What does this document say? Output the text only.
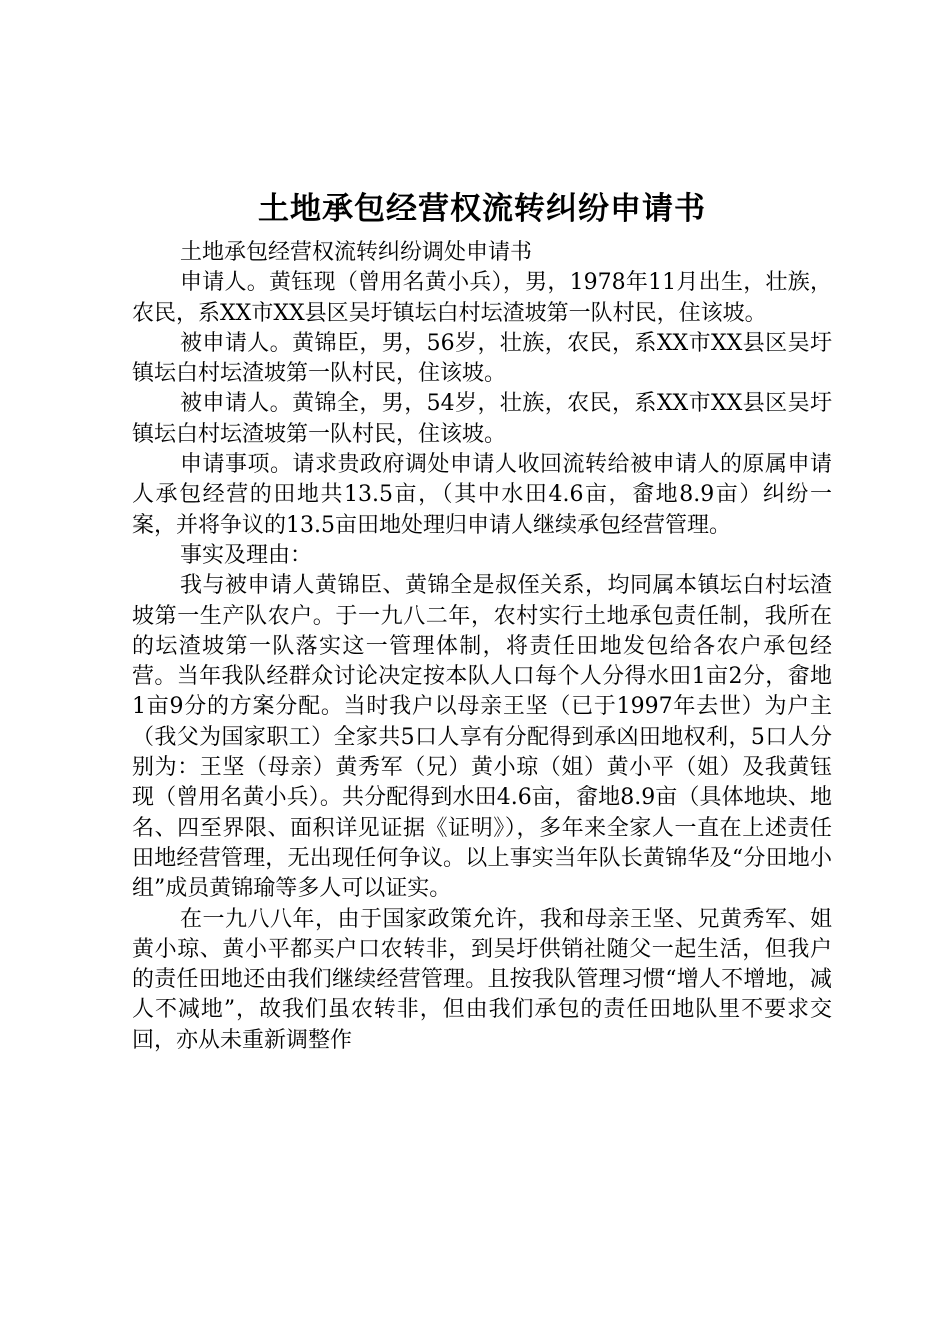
土地承包经营权流转纠纷申请书

土地承包经营权流转纠纷调处申请书

申请人。黄钰现（曾用名黄小兵），男，1978年11月出生，壮族，农民，系XX市XX县区吴圩镇坛白村坛渣坡第一队村民，住该坡。

被申请人。黄锦臣，男，56岁，壮族，农民，系XX市XX县区吴圩镇坛白村坛渣坡第一队村民，住该坡。

被申请人。黄锦全，男，54岁，壮族，农民，系XX市XX县区吴圩镇坛白村坛渣坡第一队村民，住该坡。

申请事项。请求贵政府调处申请人收回流转给被申请人的原属申请人承包经营的田地共13.5亩，（其中水田4.6亩，畲地8.9亩）纠纷一案，并将争议的13.5亩田地处理归申请人继续承包经营管理。

事实及理由：

我与被申请人黄锦臣、黄锦全是叔侄关系，均同属本镇坛白村坛渣坡第一生产队农户。于一九八二年，农村实行土地承包责任制，我所在的坛渣坡第一队落实这一管理体制，将责任田地发包给各农户承包经营。当年我队经群众讨论决定按本队人口每个人分得水田1亩2分，畲地1亩9分的方案分配。当时我户以母亲王坚（已于1997年去世）为户主（我父为国家职工）全家共5口人享有分配得到承凶田地权利，5口人分别为：王坚（母亲）黄秀军（兄）黄小琼（姐）黄小平（姐）及我黄钰现（曾用名黄小兵）。共分配得到水田4.6亩，畲地8.9亩（具体地块、地名、四至界限、面积详见证据《证明》），多年来全家人一直在上述责任田地经营管理，无出现任何争议。以上事实当年队长黄锦华及“分田地小组”成员黄锦瑜等多人可以证实。

在一九八八年，由于国家政策允许，我和母亲王坚、兄黄秀军、姐黄小琼、黄小平都买户口农转非，到吴圩供销社随父一起生活，但我户的责任田地还由我们继续经营管理。且按我队管理习惯“增人不增地，减人不减地”，故我们虽农转非，但由我们承包的责任田地队里不要求交回，亦从未重新调整作
